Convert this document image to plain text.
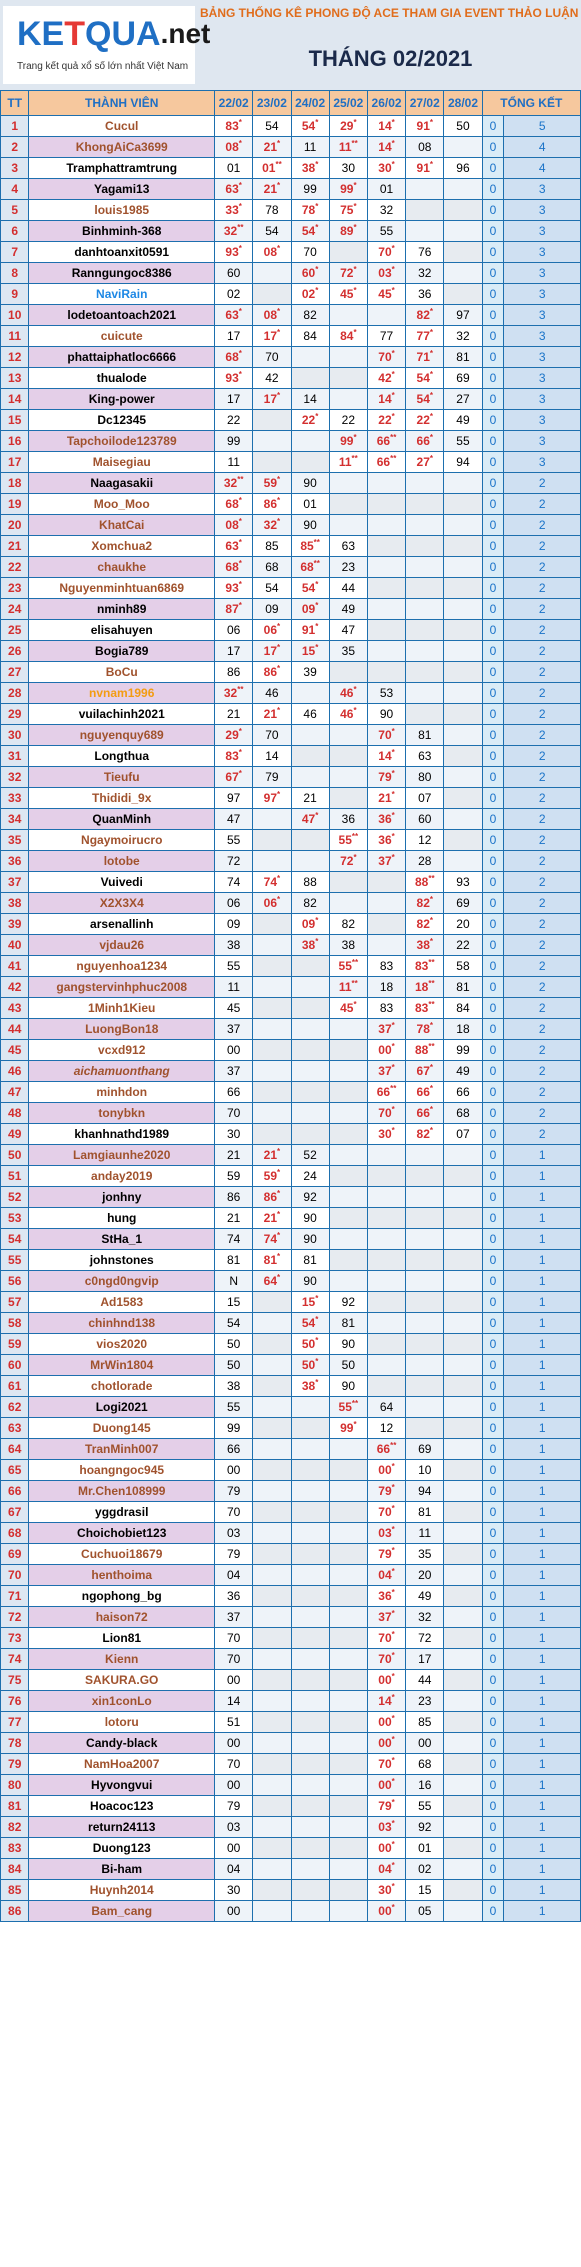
KE T QUA .net
Trang kết quả xổ số lớn nhất Việt Nam
BẢNG THỐNG KÊ PHONG ĐỘ ACE THAM GIA EVENT THẢO LUẬN
THÁNG 02/2021
TT	THÀNH VIÊN	22/02	23/02	24/02	25/02	26/02	27/02	28/02	TỔNG KẾT	
1	Cucul	83*	54	54*	29*	14*	91*	50	0	5
2	KhongAiCa3699	08*	21*	11	11**	14*	08		0	4
3	Tramphattramtrung	01	01**	38*	30	30*	91*	96	0	4
4	Yagami13	63*	21*	99	99*	01			0	3
5	louis1985	33*	78	78*	75*	32			0	3
6	Binhminh-368	32**	54	54*	89*	55			0	3
7	danhtoanxit0591	93*	08*	70		70*	76		0	3
8	Ranngungoc8386	60		60*	72*	03*	32		0	3
9	NaviRain	02		02*	45*	45*	36		0	3
10	lodetoantoach2021	63*	08*	82			82*	97	0	3
11	cuicute	17	17*	84	84*	77	77*	32	0	3
12	phattaiphatloc6666	68*	70			70*	71*	81	0	3
13	thualode	93*	42			42*	54*	69	0	3
14	King-power	17	17*	14		14*	54*	27	0	3
15	Dc12345	22		22*	22	22*	22*	49	0	3
16	Tapchoilode123789	99			99*	66**	66*	55	0	3
17	Maisegiau	11			11**	66**	27*	94	0	3
18	Naagasakii	32**	59*	90					0	2
19	Moo_Moo	68*	86*	01					0	2
20	KhatCai	08*	32*	90					0	2
21	Xomchua2	63*	85	85**	63				0	2
22	chaukhe	68*	68	68**	23				0	2
23	Nguyenminhtuan6869	93*	54	54*	44				0	2
24	nminh89	87*	09	09*	49				0	2
25	elisahuyen	06	06*	91*	47				0	2
26	Bogia789	17	17*	15*	35				0	2
27	BoCu	86	86*	39					0	2
28	nvnam1996	32**	46		46*	53			0	2
29	vuilachinh2021	21	21*	46	46*	90			0	2
30	nguyenquy689	29*	70			70*	81		0	2
31	Longthua	83*	14			14*	63		0	2
32	Tieufu	67*	79			79*	80		0	2
33	Thididi_9x	97	97*	21		21*	07		0	2
34	QuanMinh	47		47*	36	36*	60		0	2
35	Ngaymoirucro	55			55**	36*	12		0	2
36	lotobe	72			72*	37*	28		0	2
37	Vuivedi	74	74*	88			88**	93	0	2
38	X2X3X4	06	06*	82			82*	69	0	2
39	arsenallinh	09		09*	82		82*	20	0	2
40	vjdau26	38		38*	38		38*	22	0	2
41	nguyenhoa1234	55			55**	83	83**	58	0	2
42	gangstervinhphuc2008	11			11**	18	18**	81	0	2
43	1Minh1Kieu	45			45*	83	83**	84	0	2
44	LuongBon18	37				37*	78*	18	0	2
45	vcxd912	00				00*	88**	99	0	2
46	aichamuonthang	37				37*	67*	49	0	2
47	minhdon	66				66**	66*	66	0	2
48	tonybkn	70				70*	66*	68	0	2
49	khanhnathd1989	30				30*	82*	07	0	2
50	Lamgiaunhe2020	21	21*	52					0	1
51	anday2019	59	59*	24					0	1
52	jonhny	86	86*	92					0	1
53	hung	21	21*	90					0	1
54	StHa_1	74	74*	90					0	1
55	johnstones	81	81*	81					0	1
56	c0ngd0ngvip	N	64*	90					0	1
57	Ad1583	15		15*	92				0	1
58	chinhnd138	54		54*	81				0	1
59	vios2020	50		50*	90				0	1
60	MrWin1804	50		50*	50				0	1
61	chotlorade	38		38*	90				0	1
62	Logi2021	55			55**	64			0	1
63	Duong145	99			99*	12			0	1
64	TranMinh007	66				66**	69		0	1
65	hoangngoc945	00				00*	10		0	1
66	Mr.Chen108999	79				79*	94		0	1
67	yggdrasil	70				70*	81		0	1
68	Choichobiet123	03				03*	11		0	1
69	Cuchuoi18679	79				79*	35		0	1
70	henthoima	04				04*	20		0	1
71	ngophong_bg	36				36*	49		0	1
72	haison72	37				37*	32		0	1
73	Lion81	70				70*	72		0	1
74	Kienn	70				70*	17		0	1
75	SAKURA.GO	00				00*	44		0	1
76	xin1conLo	14				14*	23		0	1
77	lotoru	51				00*	85		0	1
78	Candy-black	00				00*	00		0	1
79	NamHoa2007	70				70*	68		0	1
80	Hyvongvui	00				00*	16		0	1
81	Hoacoc123	79				79*	55		0	1
82	return24113	03				03*	92		0	1
83	Duong123	00				00*	01		0	1
84	Bi-ham	04				04*	02		0	1
85	Huynh2014	30				30*	15		0	1
86	Bam_cang	00				00*	05		0	1
